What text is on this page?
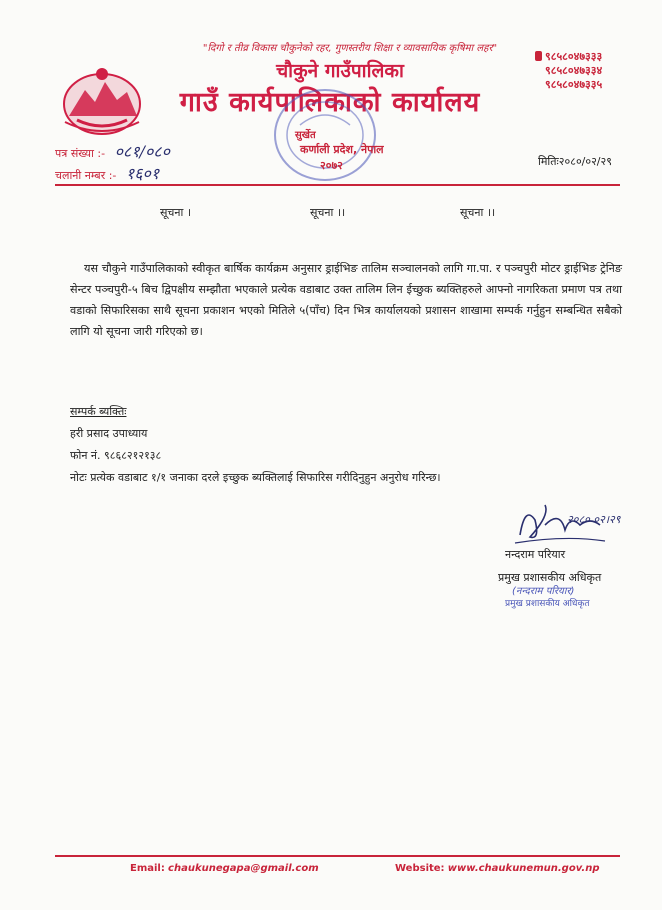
"दिगो र तीव्र विकास चौकुनेको रहर, गुणस्तरीय शिक्षा र व्यावसायिक कृषिमा लहर"
चौकुने गाउँपालिका
गाउँ कार्यपालिकाको कार्यालय
सुर्खेत
कर्णाली प्रदेश, नेपाल
२०७२
९८५८०४७३३३
९८५८०४७३३४
९८५८०४७३३५
पत्र संख्या :- ०८१/०८०
चलानी नम्बर :- १६०१
मितिः२०८०/०२/२९
सूचना ।	सूचना ।।	सूचना ।।
यस चौकुने गाउँपालिकाको स्वीकृत बार्षिक कार्यक्रम अनुसार ड्राईभिङ तालिम सञ्चालनको लागि गा.पा. र पञ्चपुरी मोटर ड्राईभिङ ट्रेनिङ सेन्टर पञ्चपुरी-५ बिच द्विपक्षीय सम्झौता भएकाले प्रत्येक वडाबाट उक्त तालिम लिन ईच्छुक ब्यक्तिहरुले आफ्नो नागरिकता प्रमाण पत्र तथा वडाको सिफारिसका साथै सूचना प्रकाशन भएको मितिले ५(पाँच) दिन भित्र कार्यालयको प्रशासन शाखामा सम्पर्क गर्नुहुन सम्बन्धित सबैको लागि यो सूचना जारी गरिएको छ।
सम्पर्क ब्यक्तिः
हरी प्रसाद उपाध्याय
फोन नं. ९८६८२१२१३८
नोटः प्रत्येक वडाबाट १/१ जनाका दरले इच्छुक ब्यक्तिलाई सिफारिस गरीदिनुहुन अनुरोध गरिन्छ।
२०८० ०२।२९
नन्दराम परियार
प्रमुख प्रशासकीय अधिकृत
(नन्दराम परियार)
प्रमुख प्रशासकीय अधिकृत
Email: chaukunegapa@gmail.com	Website: www.chaukunemun.gov.np
